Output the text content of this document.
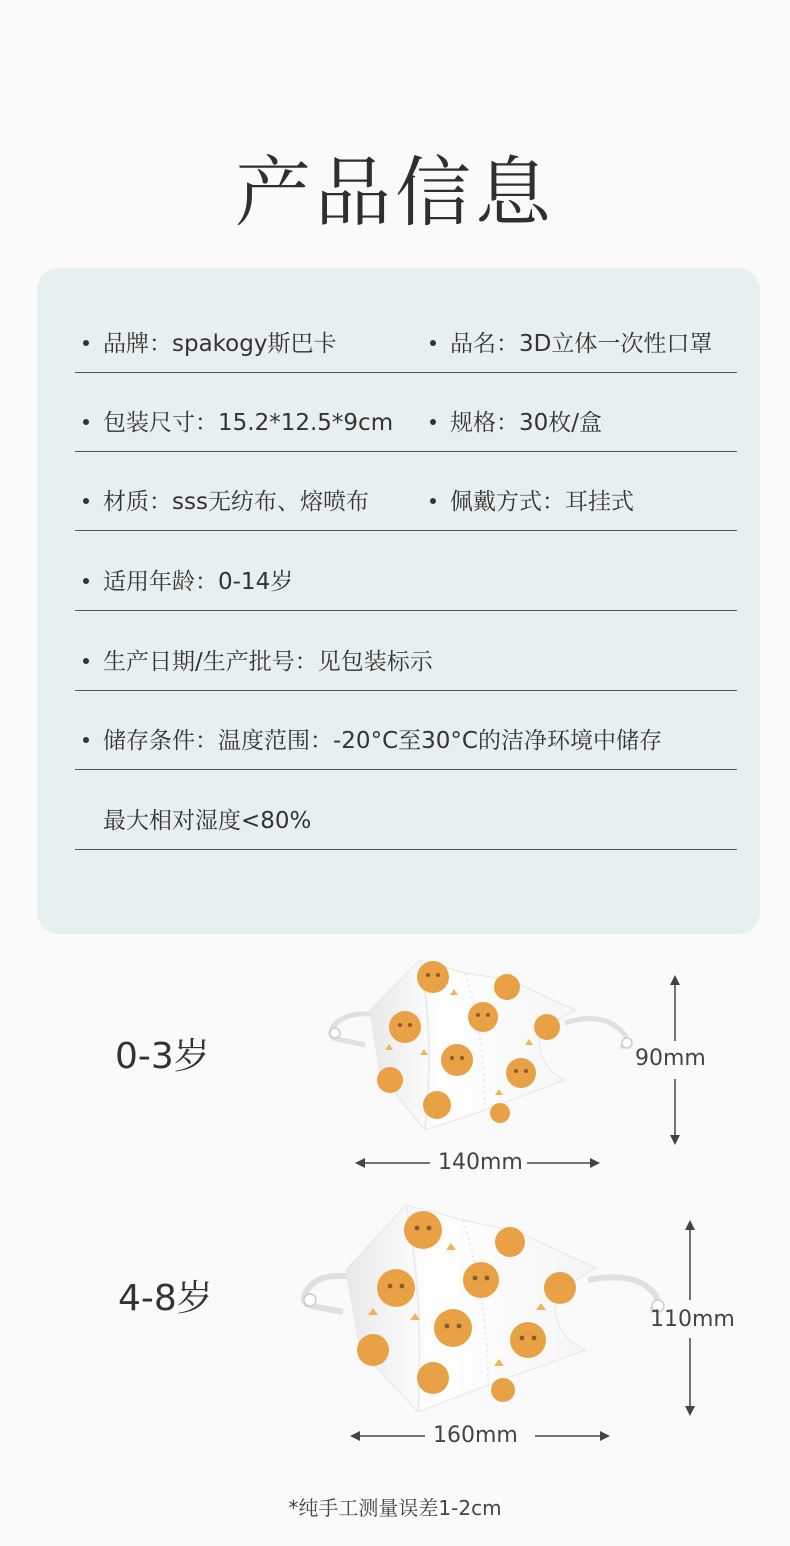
产品信息
品牌：spakogy斯巴卡	品名：3D立体一次性口罩
包装尺寸：15.2*12.5*9cm	规格：30枚/盒
材质：sss无纺布、熔喷布	佩戴方式：耳挂式
适用年龄：0-14岁
生产日期/生产批号：见包装标示
储存条件：温度范围：-20°C至30°C的洁净环境中储存
最大相对湿度<80%
0-3岁	90mm
140mm
4-8岁
110mm
160mm
*纯手工测量误差1-2cm
